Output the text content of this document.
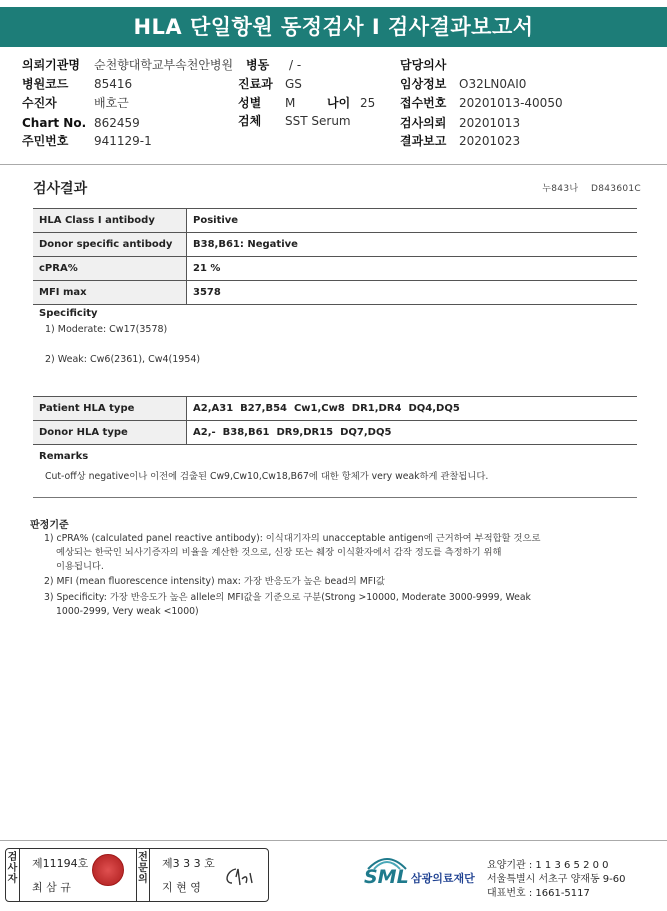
HLA 단일항원 동정검사 I 검사결과보고서
의뢰기관명 순천향대학교부속천안병원 병동 / -	담당의사
병원코드 85416	진료과 GS	임상정보 O32LN0AI0
수진자	배호근	성별 M	나이 25 접수번호 20201013-40050
Chart No. 862459	검체 SST Serum	검사의뢰 20201013
주민번호 941129-1	결과보고 20201023
검사결과	누843나 D843601C
HLA Class I antibody	Positive
Donor specific antibody	B38,B61: Negative
cPRA%	21 %
MFI max	3578
Specificity
1) Moderate: Cw17(3578)
2) Weak: Cw6(2361), Cw4(1954)
Patient HLA type	A2,A31  B27,B54  Cw1,Cw8  DR1,DR4  DQ4,DQ5
Donor HLA type	A2,-  B38,B61  DR9,DR15  DQ7,DQ5
Remarks
Cut-off상 negative이나 이전에 검출된 Cw9,Cw10,Cw18,B67에 대한 항체가 very weak하게 관찰됩니다.
판정기준
1) cPRA% (calculated panel reactive antibody): 이식대기자의 unacceptable antigen에 근거하여 부적합할 것으로
예상되는 한국인 뇌사기증자의 비율을 계산한 것으로, 신장 또는 췌장 이식환자에서 감작 정도를 측정하기 위해
이용됩니다.
2) MFI (mean fluorescence intensity) max: 가장 반응도가 높은 bead의 MFI값
3) Specificity: 가장 반응도가 높은 allele의 MFI값을 기준으로 구분(Strong >10000, Moderate 3000-9999, Weak
1000-2999, Very weak <1000)
검사자
제11194호
최 삼 규
전문의
제3 3 3 호
지 현 영	SML 삼광의료재단
요양기관 : 1 1 3 6 5 2 0 0
서울특별시 서초구 양재동 9-60
대표번호 : 1661-5117
